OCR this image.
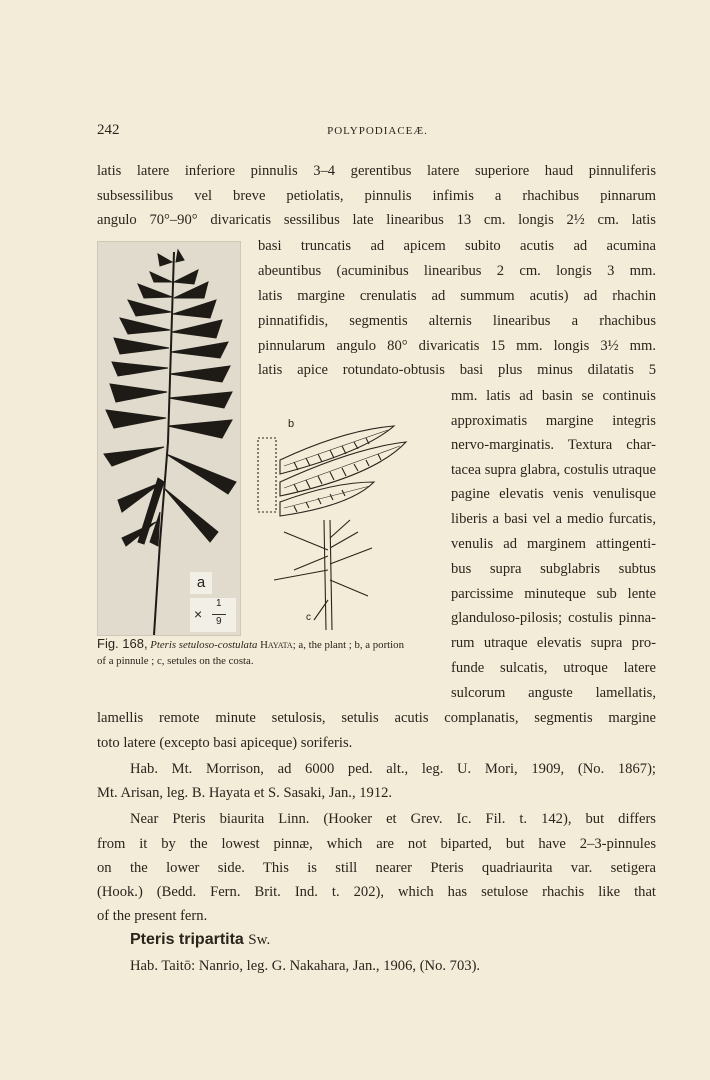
242	POLYPODIACEÆ.
latis latere inferiore pinnulis 3–4 gerentibus latere superiore haud pinnuliferis
subsessilibus vel breve petiolatis, pinnulis infimis a rhachibus pinnarum
angulo 70°–90° divaricatis sessilibus late linearibus 13 cm. longis 2½ cm. latis
basi truncatis ad apicem subito acutis ad acumina
abeuntibus (acuminibus linearibus 2 cm. longis 3 mm.
latis margine crenulatis ad summum acutis) ad rhachin
pinnatifidis, segmentis alternis linearibus a rhachibus
pinnularum angulo 80° divaricatis 15 mm. longis 3½ mm.
latis apice rotundato-obtusis basi plus minus dilatatis 5
mm. latis ad basin se continuis
approximatis margine integris
nervo-marginatis. Textura char-
tacea supra glabra, costulis utraque
pagine elevatis venis venulisque
liberis a basi vel a medio furcatis,
venulis ad marginem attingenti-
bus supra subglabris subtus
parcissime minuteque sub lente
glanduloso-pilosis; costulis pinna-
rum utraque elevatis supra pro-
funde sulcatis, utroque latere
sulcorum anguste lamellatis,
lamellis remote minute setulosis, setulis acutis complanatis, segmentis margine
toto latere (excepto basi apiceque) soriferis.
Hab. Mt. Morrison, ad 6000 ped. alt., leg. U. Mori, 1909, (No. 1867);
Mt. Arisan, leg. B. Hayata et S. Sasaki, Jan., 1912.
Near Pteris biaurita Linn. (Hooker et Grev. Ic. Fil. t. 142), but differs
from it by the lowest pinnæ, which are not biparted, but have 2–3-pinnules
on the lower side. This is still nearer Pteris quadriaurita var. setigera
(Hook.) (Bedd. Fern. Brit. Ind. t. 202), which has setulose rhachis like that
of the present fern.
Pteris tripartita Sw.
Hab. Taitō: Nanrio, leg. G. Nakahara, Jan., 1906, (No. 703).
a
×
1
9
b
c
Fig. 168, Pteris setuloso-costulata Hayata; a, the plant ; b, a portion of a pinnule ; c, setules on the costa.
